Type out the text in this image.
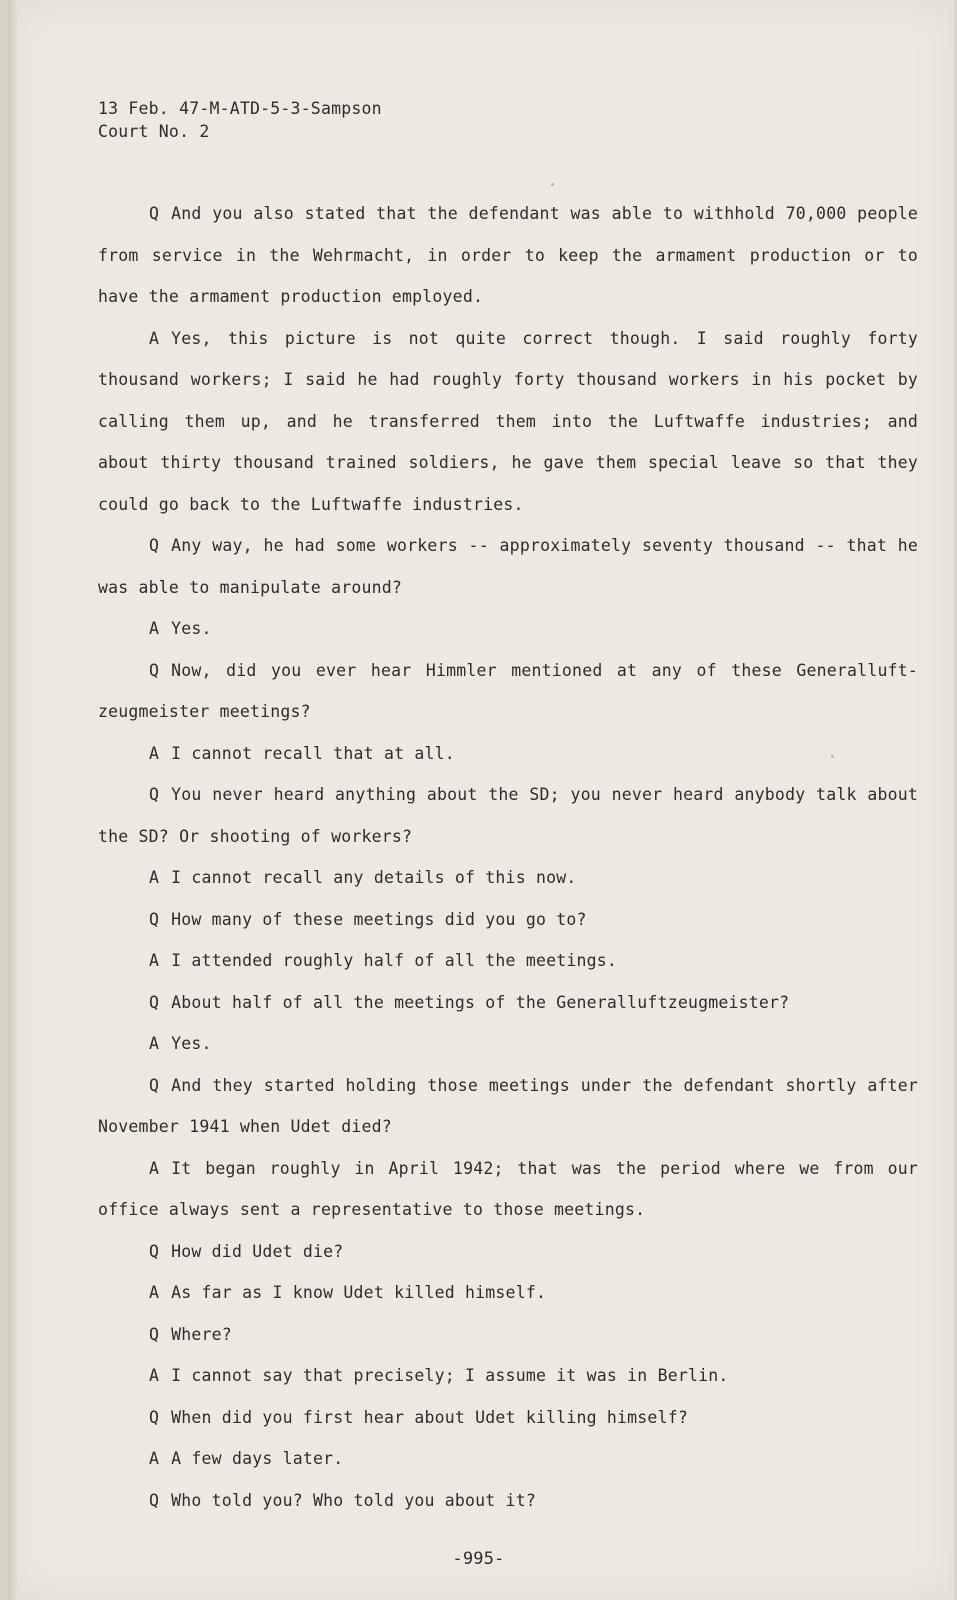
13 Feb. 47-M-ATD-5-3-Sampson
Court No. 2

Q And you also stated that the defendant was able to withhold 70,000 people from service in the Wehrmacht, in order to keep the armament production or to have the armament production employed.

A Yes, this picture is not quite correct though. I said roughly forty thousand workers; I said he had roughly forty thousand workers in his pocket by calling them up, and he transferred them into the Luftwaffe industries; and about thirty thousand trained soldiers, he gave them special leave so that they could go back to the Luftwaffe industries.

Q Any way, he had some workers -- approximately seventy thousand -- that he was able to manipulate around?

A Yes.

Q Now, did you ever hear Himmler mentioned at any of these Generalluft- zeugmeister meetings?

A I cannot recall that at all.

Q You never heard anything about the SD; you never heard anybody talk about the SD? Or shooting of workers?

A I cannot recall any details of this now.

Q How many of these meetings did you go to?

A I attended roughly half of all the meetings.

Q About half of all the meetings of the Generalluftzeugmeister?

A Yes.

Q And they started holding those meetings under the defendant shortly after November 1941 when Udet died?

A It began roughly in April 1942; that was the period where we from our office always sent a representative to those meetings.

Q How did Udet die?

A As far as I know Udet killed himself.

Q Where?

A I cannot say that precisely; I assume it was in Berlin.

Q When did you first hear about Udet killing himself?

A A few days later.

Q Who told you? Who told you about it?

-995-
